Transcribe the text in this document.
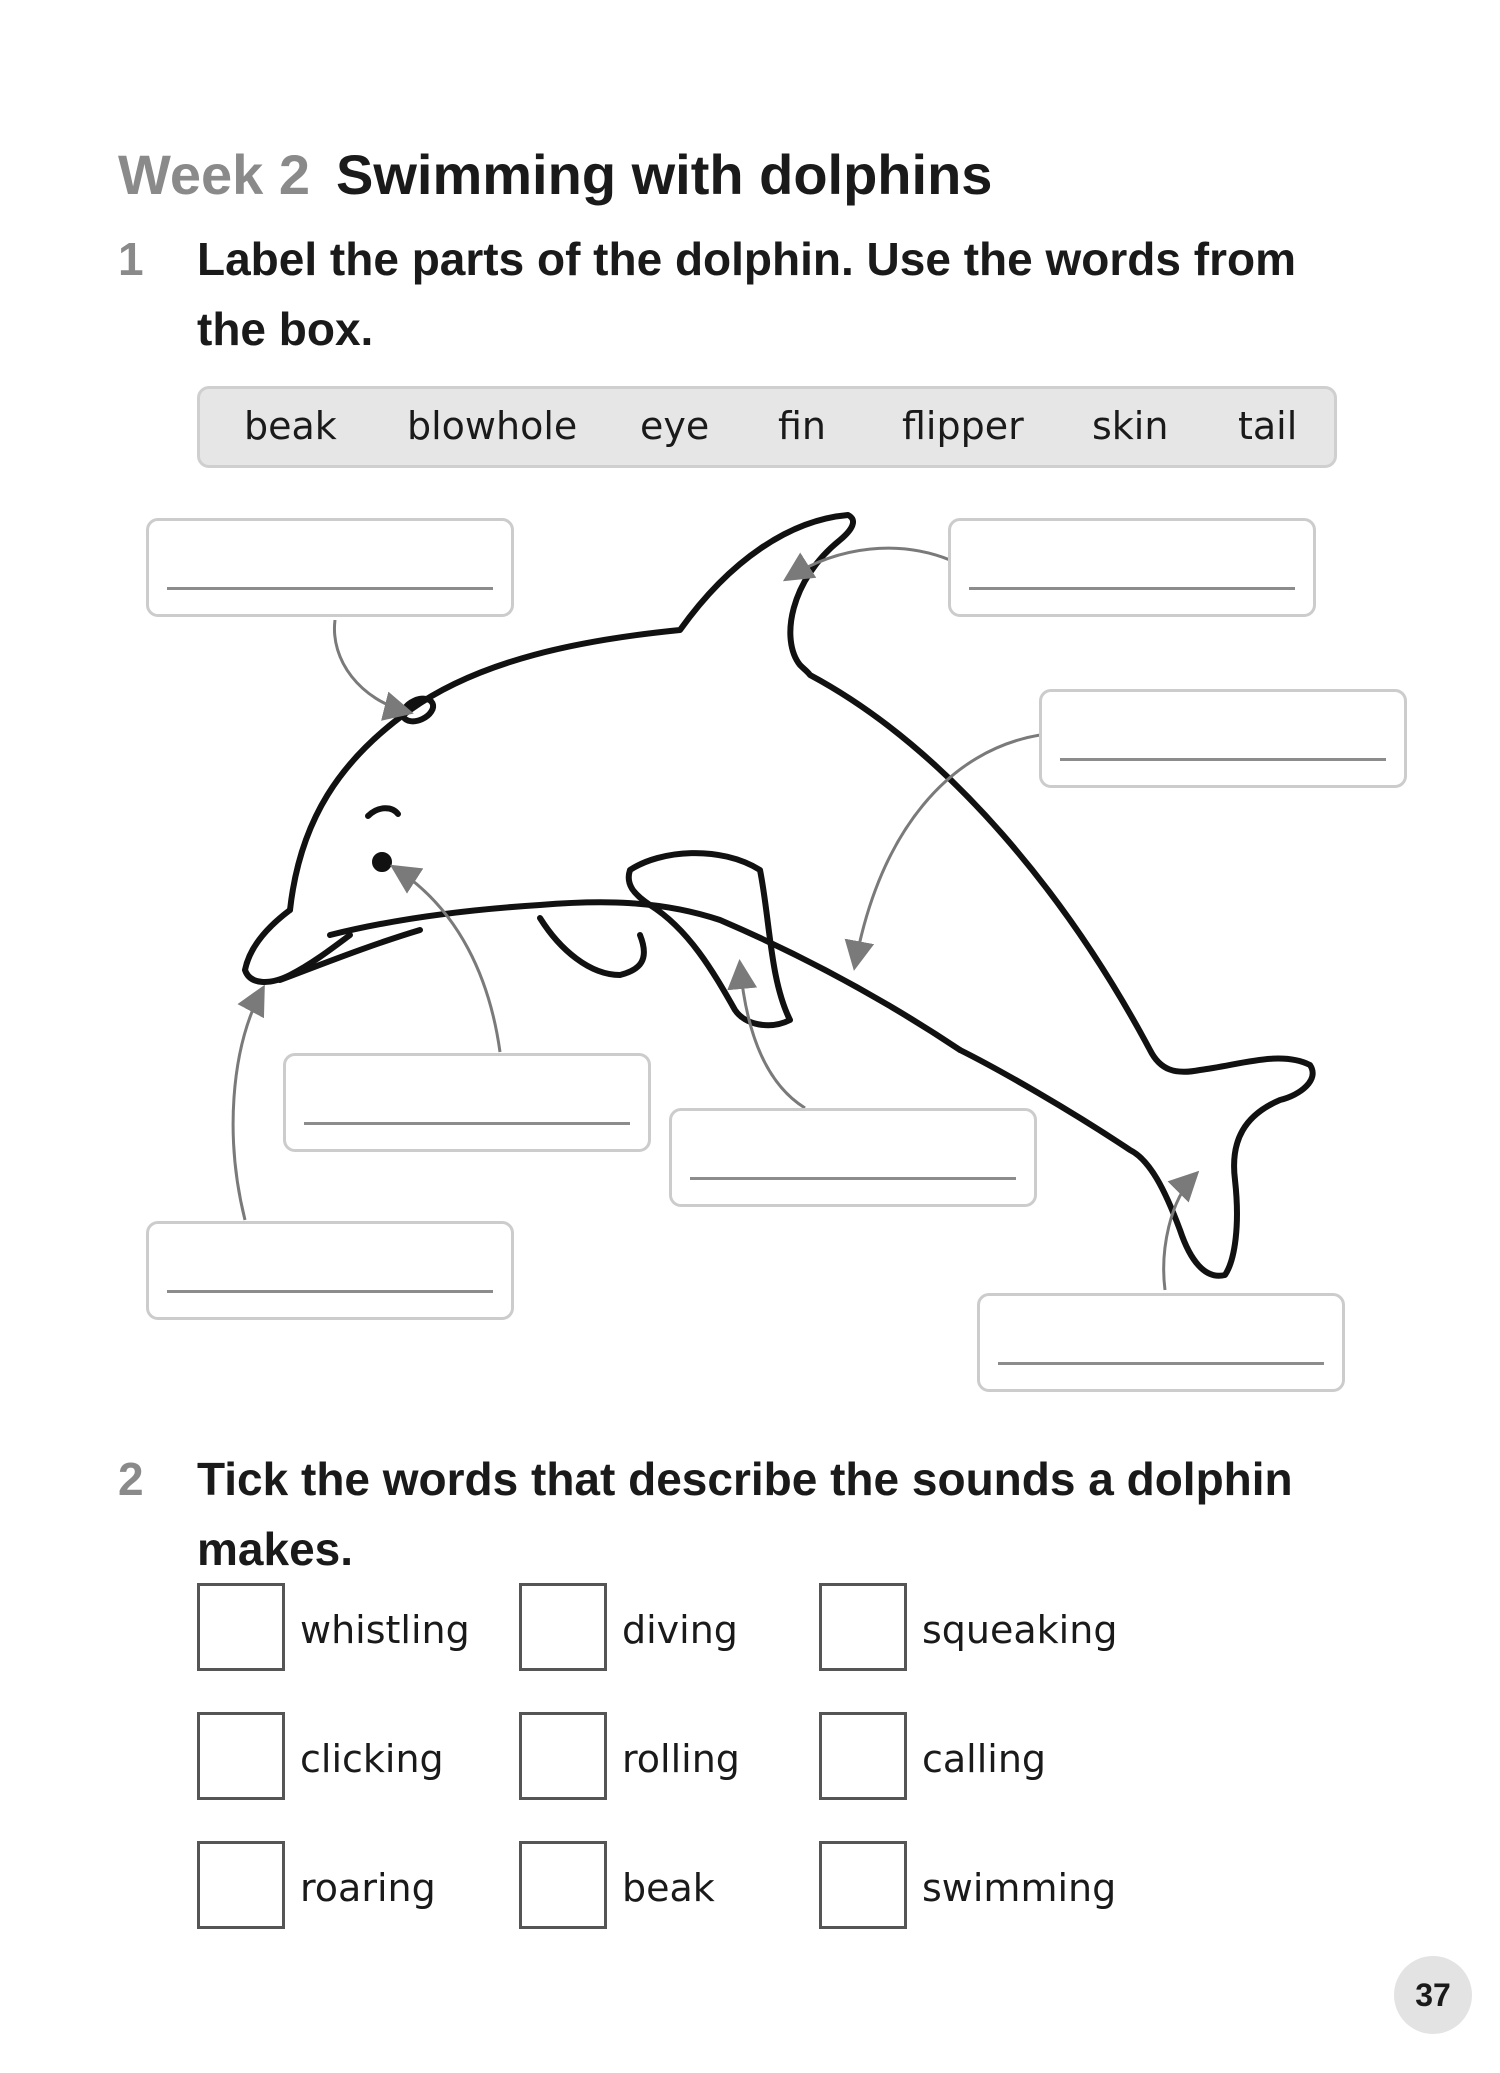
Week 2 Swimming with dolphins
1 Label the parts of the dolphin. Use the words from the box.
beak blowhole eye fin flipper skin tail
2 Tick the words that describe the sounds a dolphin makes.
whistling	diving	squeaking
clicking	rolling	calling
roaring	beak	swimming
37
